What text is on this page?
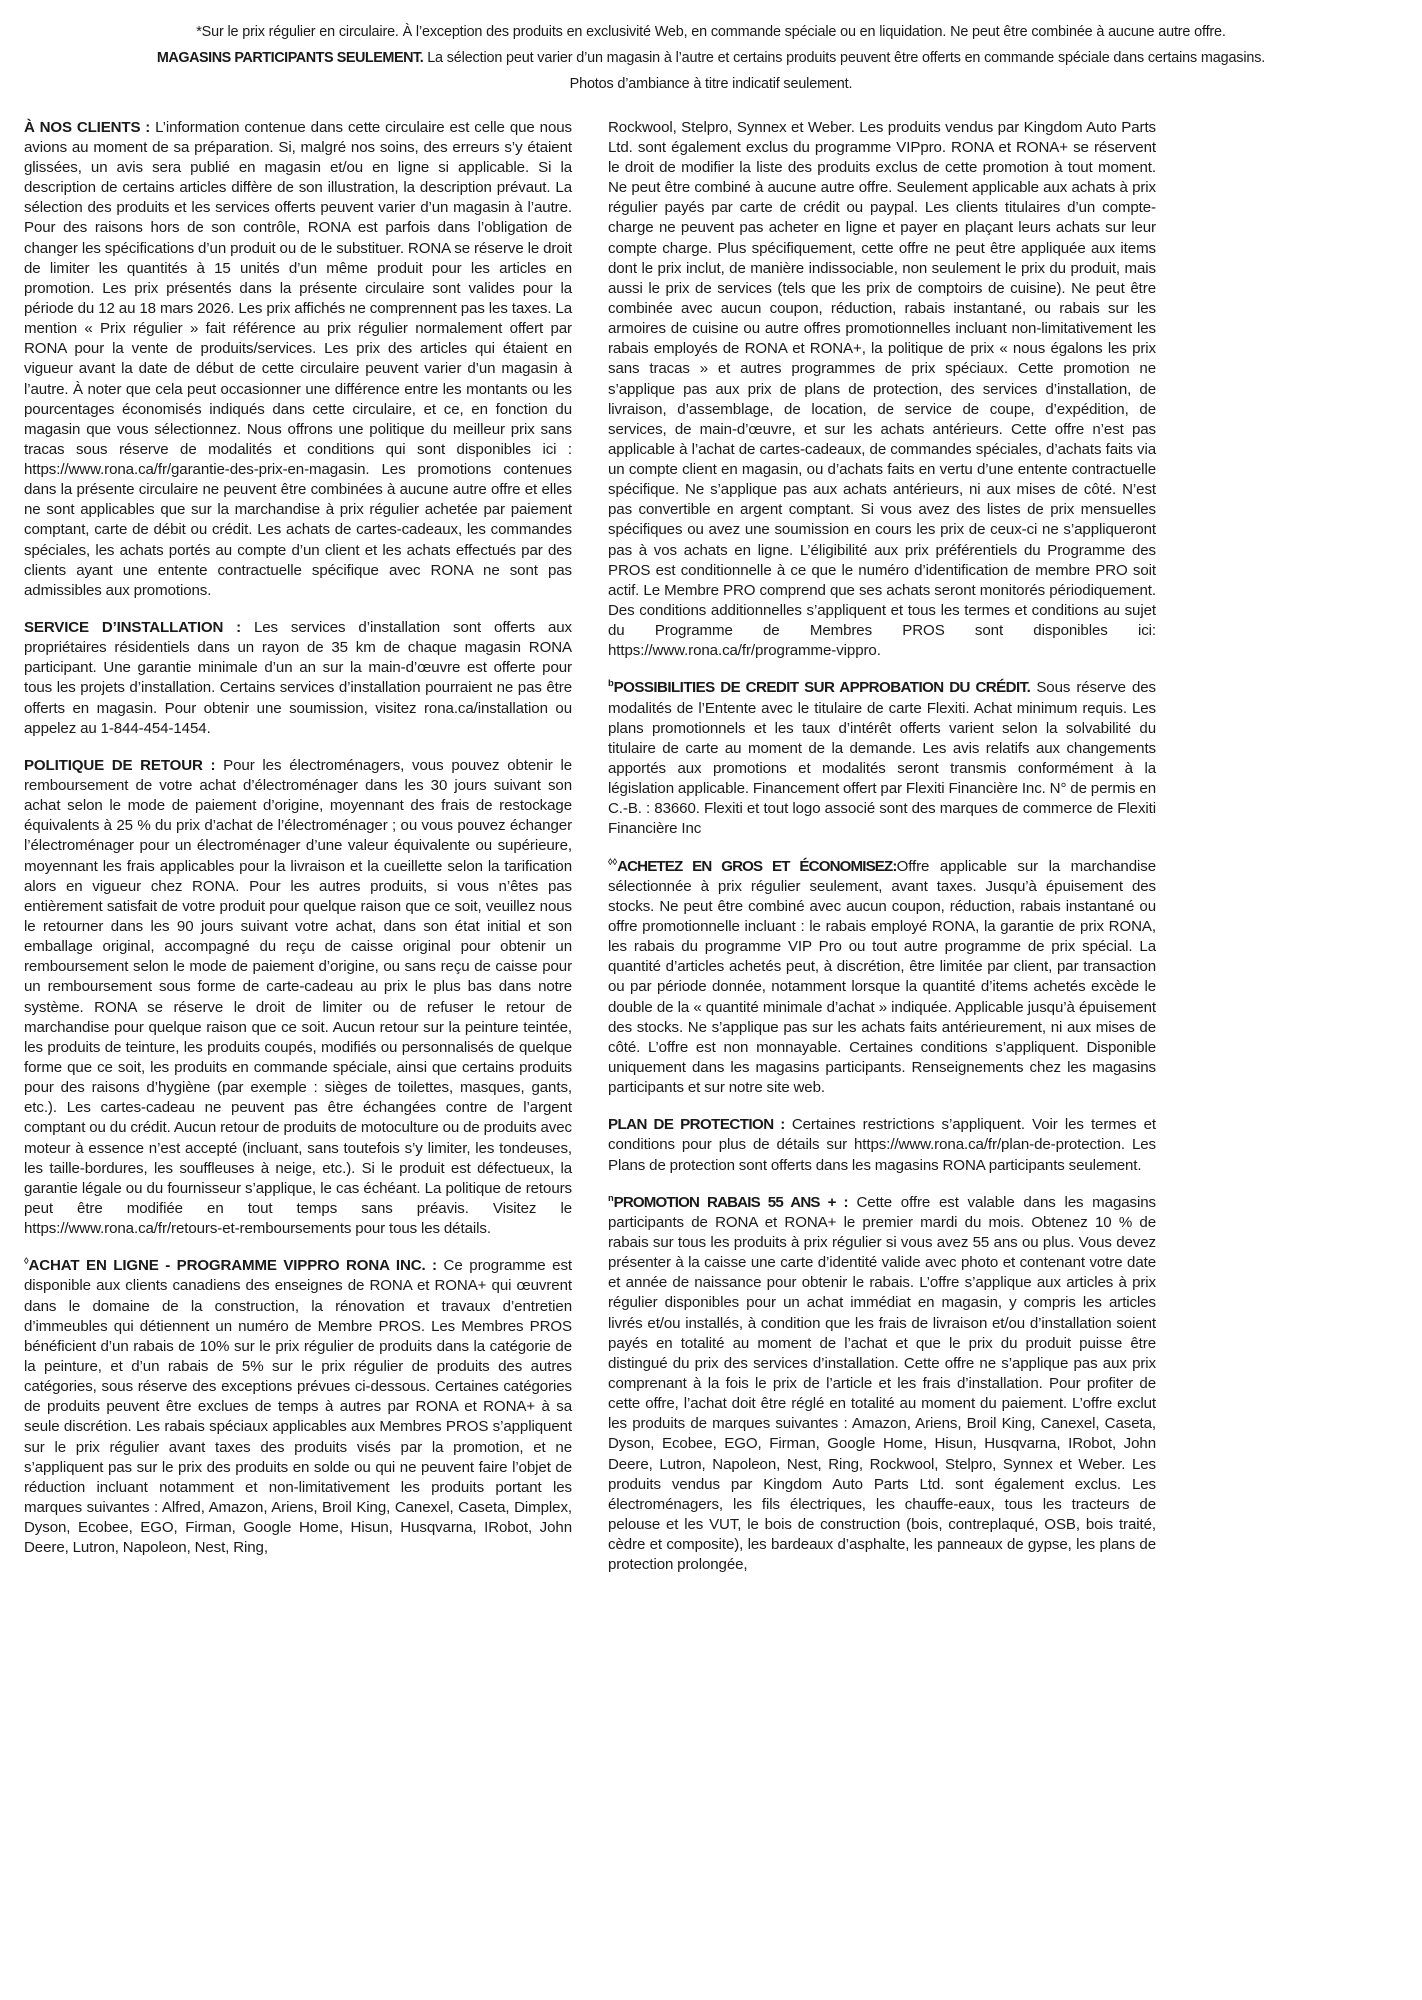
*Sur le prix régulier en circulaire. À l’exception des produits en exclusivité Web, en commande spéciale ou en liquidation. Ne peut être combinée à aucune autre offre.

MAGASINS PARTICIPANTS SEULEMENT. La sélection peut varier d’un magasin à l’autre et certains produits peuvent être offerts en commande spéciale dans certains magasins.

Photos d’ambiance à titre indicatif seulement.

À NOS CLIENTS : L’information contenue dans cette circulaire est celle que nous avions au moment de sa préparation. Si, malgré nos soins, des erreurs s’y étaient glissées, un avis sera publié en magasin et/ou en ligne si applicable. Si la description de certains articles diffère de son illustration, la description prévaut. La sélection des produits et les services offerts peuvent varier d’un magasin à l’autre. Pour des raisons hors de son contrôle, RONA est parfois dans l’obligation de changer les spécifications d’un produit ou de le substituer. RONA se réserve le droit de limiter les quantités à 15 unités d’un même produit pour les articles en promotion. Les prix présentés dans la présente circulaire sont valides pour la période du 12 au 18 mars 2026. Les prix affichés ne comprennent pas les taxes. La mention « Prix régulier » fait référence au prix régulier normalement offert par RONA pour la vente de produits/services. Les prix des articles qui étaient en vigueur avant la date de début de cette circulaire peuvent varier d’un magasin à l’autre. À noter que cela peut occasionner une différence entre les montants ou les pourcentages économisés indiqués dans cette circulaire, et ce, en fonction du magasin que vous sélectionnez. Nous offrons une politique du meilleur prix sans tracas sous réserve de modalités et conditions qui sont disponibles ici : https://www.rona.ca/fr/garantie-des-prix-en-magasin. Les promotions contenues dans la présente circulaire ne peuvent être combinées à aucune autre offre et elles ne sont applicables que sur la marchandise à prix régulier achetée par paiement comptant, carte de débit ou crédit. Les achats de cartes-cadeaux, les commandes spéciales, les achats portés au compte d’un client et les achats effectués par des clients ayant une entente contractuelle spécifique avec RONA ne sont pas admissibles aux promotions.

SERVICE D’INSTALLATION : Les services d’installation sont offerts aux propriétaires résidentiels dans un rayon de 35 km de chaque magasin RONA participant. Une garantie minimale d’un an sur la main-d’œuvre est offerte pour tous les projets d’installation. Certains services d’installation pourraient ne pas être offerts en magasin. Pour obtenir une soumission, visitez rona.ca/installation ou appelez au 1-844-454-1454.

POLITIQUE DE RETOUR : Pour les électroménagers, vous pouvez obtenir le remboursement de votre achat d’électroménager dans les 30 jours suivant son achat selon le mode de paiement d’origine, moyennant des frais de restockage équivalents à 25 % du prix d’achat de l’électroménager ; ou vous pouvez échanger l’électroménager pour un électroménager d’une valeur équivalente ou supérieure, moyennant les frais applicables pour la livraison et la cueillette selon la tarification alors en vigueur chez RONA. Pour les autres produits, si vous n’êtes pas entièrement satisfait de votre produit pour quelque raison que ce soit, veuillez nous le retourner dans les 90 jours suivant votre achat, dans son état initial et son emballage original, accompagné du reçu de caisse original pour obtenir un remboursement selon le mode de paiement d’origine, ou sans reçu de caisse pour un remboursement sous forme de carte-cadeau au prix le plus bas dans notre système. RONA se réserve le droit de limiter ou de refuser le retour de marchandise pour quelque raison que ce soit. Aucun retour sur la peinture teintée, les produits de teinture, les produits coupés, modifiés ou personnalisés de quelque forme que ce soit, les produits en commande spéciale, ainsi que certains produits pour des raisons d’hygiène (par exemple : sièges de toilettes, masques, gants, etc.). Les cartes-cadeau ne peuvent pas être échangées contre de l’argent comptant ou du crédit. Aucun retour de produits de motoculture ou de produits avec moteur à essence n’est accepté (incluant, sans toutefois s’y limiter, les tondeuses, les taille-bordures, les souffleuses à neige, etc.). Si le produit est défectueux, la garantie légale ou du fournisseur s’applique, le cas échéant. La politique de retours peut être modifiée en tout temps sans préavis. Visitez le https://www.rona.ca/fr/retours-et-remboursements pour tous les détails.

◊ACHAT EN LIGNE - PROGRAMME VIPPRO RONA INC. : Ce programme est disponible aux clients canadiens des enseignes de RONA et RONA+ qui œuvrent dans le domaine de la construction, la rénovation et travaux d’entretien d’immeubles qui détiennent un numéro de Membre PROS. Les Membres PROS bénéficient d’un rabais de 10% sur le prix régulier de produits dans la catégorie de la peinture, et d’un rabais de 5% sur le prix régulier de produits des autres catégories, sous réserve des exceptions prévues ci-dessous. Certaines catégories de produits peuvent être exclues de temps à autres par RONA et RONA+ à sa seule discrétion. Les rabais spéciaux applicables aux Membres PROS s’appliquent sur le prix régulier avant taxes des produits visés par la promotion, et ne s’appliquent pas sur le prix des produits en solde ou qui ne peuvent faire l’objet de réduction incluant notamment et non-limitativement les produits portant les marques suivantes : Alfred, Amazon, Ariens, Broil King, Canexel, Caseta, Dimplex, Dyson, Ecobee, EGO, Firman, Google Home, Hisun, Husqvarna, IRobot, John Deere, Lutron, Napoleon, Nest, Ring,

Rockwool, Stelpro, Synnex et Weber. Les produits vendus par Kingdom Auto Parts Ltd. sont également exclus du programme VIPpro. RONA et RONA+ se réservent le droit de modifier la liste des produits exclus de cette promotion à tout moment. Ne peut être combiné à aucune autre offre. Seulement applicable aux achats à prix régulier payés par carte de crédit ou paypal. Les clients titulaires d’un compte-charge ne peuvent pas acheter en ligne et payer en plaçant leurs achats sur leur compte charge. Plus spécifiquement, cette offre ne peut être appliquée aux items dont le prix inclut, de manière indissociable, non seulement le prix du produit, mais aussi le prix de services (tels que les prix de comptoirs de cuisine). Ne peut être combinée avec aucun coupon, réduction, rabais instantané, ou rabais sur les armoires de cuisine ou autre offres promotionnelles incluant non-limitativement les rabais employés de RONA et RONA+, la politique de prix « nous égalons les prix sans tracas » et autres programmes de prix spéciaux. Cette promotion ne s’applique pas aux prix de plans de protection, des services d’installation, de livraison, d’assemblage, de location, de service de coupe, d’expédition, de services, de main-d’œuvre, et sur les achats antérieurs. Cette offre n’est pas applicable à l’achat de cartes-cadeaux, de commandes spéciales, d’achats faits via un compte client en magasin, ou d’achats faits en vertu d’une entente contractuelle spécifique. Ne s’applique pas aux achats antérieurs, ni aux mises de côté. N’est pas convertible en argent comptant. Si vous avez des listes de prix mensuelles spécifiques ou avez une soumission en cours les prix de ceux-ci ne s’appliqueront pas à vos achats en ligne. L’éligibilité aux prix préférentiels du Programme des PROS est conditionnelle à ce que le numéro d’identification de membre PRO soit actif. Le Membre PRO comprend que ses achats seront monitorés périodiquement. Des conditions additionnelles s’appliquent et tous les termes et conditions au sujet du Programme de Membres PROS sont disponibles ici: https://www.rona.ca/fr/programme-vippro.

$^b$POSSIBILITIES DE CREDIT SUR APPROBATION DU CRÉDIT. Sous réserve des modalités de l’Entente avec le titulaire de carte Flexiti. Achat minimum requis. Les plans promotionnels et les taux d’intérêt offerts varient selon la solvabilité du titulaire de carte au moment de la demande. Les avis relatifs aux changements apportés aux promotions et modalités seront transmis conformément à la législation applicable. Financement offert par Flexiti Financière Inc. N° de permis en C.-B. : 83660. Flexiti et tout logo associé sont des marques de commerce de Flexiti Financière Inc

◊◊ACHETEZ EN GROS ET ÉCONOMISEZ:Offre applicable sur la marchandise sélectionnée à prix régulier seulement, avant taxes. Jusqu’à épuisement des stocks. Ne peut être combiné avec aucun coupon, réduction, rabais instantané ou offre promotionnelle incluant : le rabais employé RONA, la garantie de prix RONA, les rabais du programme VIP Pro ou tout autre programme de prix spécial. La quantité d’articles achetés peut, à discrétion, être limitée par client, par transaction ou par période donnée, notamment lorsque la quantité d’items achetés excède le double de la « quantité minimale d’achat » indiquée. Applicable jusqu’à épuisement des stocks. Ne s’applique pas sur les achats faits antérieurement, ni aux mises de côté. L’offre est non monnayable. Certaines conditions s’appliquent. Disponible uniquement dans les magasins participants. Renseignements chez les magasins participants et sur notre site web.

PLAN DE PROTECTION : Certaines restrictions s’appliquent. Voir les termes et conditions pour plus de détails sur https://www.rona.ca/fr/plan-de-protection. Les Plans de protection sont offerts dans les magasins RONA participants seulement.

$^n$PROMOTION RABAIS 55 ANS + : Cette offre est valable dans les magasins participants de RONA et RONA+ le premier mardi du mois. Obtenez 10 % de rabais sur tous les produits à prix régulier si vous avez 55 ans ou plus. Vous devez présenter à la caisse une carte d’identité valide avec photo et contenant votre date et année de naissance pour obtenir le rabais. L’offre s’applique aux articles à prix régulier disponibles pour un achat immédiat en magasin, y compris les articles livrés et/ou installés, à condition que les frais de livraison et/ou d’installation soient payés en totalité au moment de l’achat et que le prix du produit puisse être distingué du prix des services d’installation. Cette offre ne s’applique pas aux prix comprenant à la fois le prix de l’article et les frais d’installation. Pour profiter de cette offre, l’achat doit être réglé en totalité au moment du paiement. L’offre exclut les produits de marques suivantes : Amazon, Ariens, Broil King, Canexel, Caseta, Dyson, Ecobee, EGO, Firman, Google Home, Hisun, Husqvarna, IRobot, John Deere, Lutron, Napoleon, Nest, Ring, Rockwool, Stelpro, Synnex et Weber. Les produits vendus par Kingdom Auto Parts Ltd. sont également exclus. Les électroménagers, les fils électriques, les chauffe-eaux, tous les tracteurs de pelouse et les VUT, le bois de construction (bois, contreplaqué, OSB, bois traité, cèdre et composite), les bardeaux d’asphalte, les panneaux de gypse, les plans de protection prolongée,
